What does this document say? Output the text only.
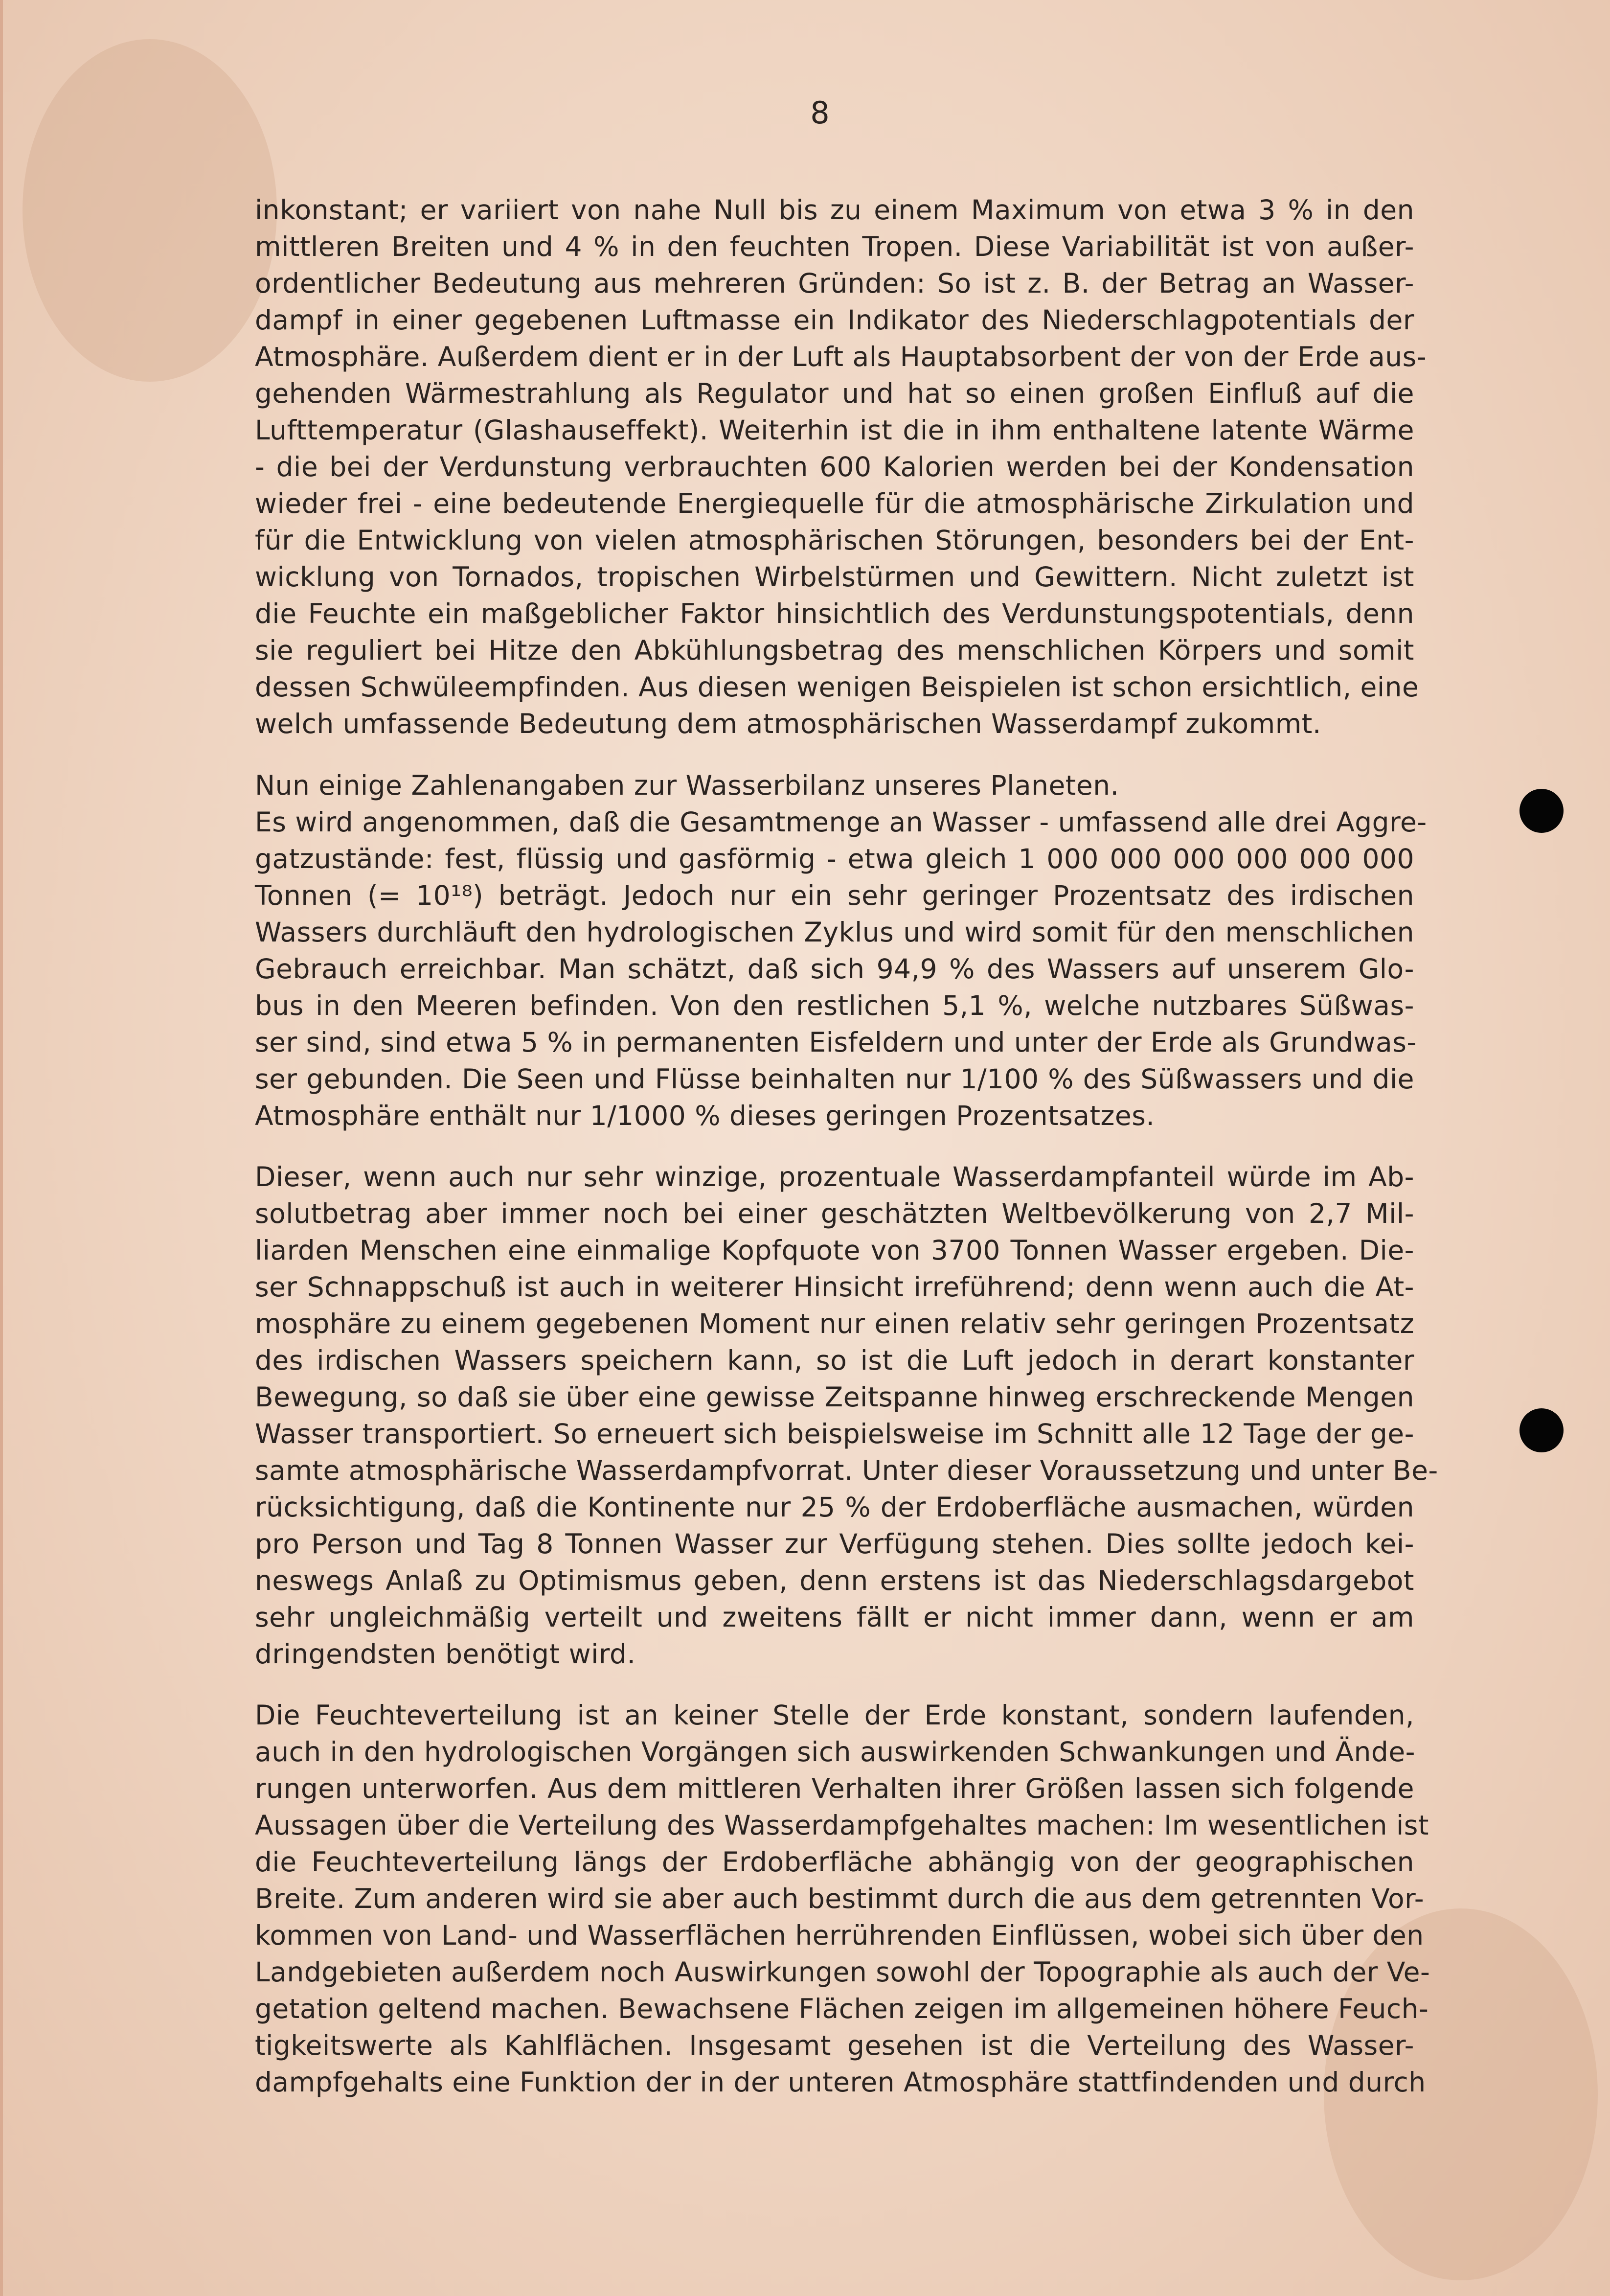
8
inkonstant; er variiert von nahe Null bis zu einem Maximum von etwa 3 % in den
mittleren Breiten und 4 % in den feuchten Tropen. Diese Variabilität ist von außer-
ordentlicher Bedeutung aus mehreren Gründen: So ist z. B. der Betrag an Wasser-
dampf in einer gegebenen Luftmasse ein Indikator des Niederschlagpotentials der
Atmosphäre. Außerdem dient er in der Luft als Hauptabsorbent der von der Erde aus-
gehenden Wärmestrahlung als Regulator und hat so einen großen Einfluß auf die
Lufttemperatur (Glashauseffekt). Weiterhin ist die in ihm enthaltene latente Wärme
- die bei der Verdunstung verbrauchten 600 Kalorien werden bei der Kondensation
wieder frei - eine bedeutende Energiequelle für die atmosphärische Zirkulation und
für die Entwicklung von vielen atmosphärischen Störungen, besonders bei der Ent-
wicklung von Tornados, tropischen Wirbelstürmen und Gewittern. Nicht zuletzt ist
die Feuchte ein maßgeblicher Faktor hinsichtlich des Verdunstungspotentials, denn
sie reguliert bei Hitze den Abkühlungsbetrag des menschlichen Körpers und somit
dessen Schwüleempfinden. Aus diesen wenigen Beispielen ist schon ersichtlich, eine
welch umfassende Bedeutung dem atmosphärischen Wasserdampf zukommt.
Nun einige Zahlenangaben zur Wasserbilanz unseres Planeten.
Es wird angenommen, daß die Gesamtmenge an Wasser - umfassend alle drei Aggre-
gatzustände: fest, flüssig und gasförmig - etwa gleich 1 000 000 000 000 000 000
Tonnen (= 10¹⁸) beträgt. Jedoch nur ein sehr geringer Prozentsatz des irdischen
Wassers durchläuft den hydrologischen Zyklus und wird somit für den menschlichen
Gebrauch erreichbar. Man schätzt, daß sich 94,9 % des Wassers auf unserem Glo-
bus in den Meeren befinden. Von den restlichen 5,1 %, welche nutzbares Süßwas-
ser sind, sind etwa 5 % in permanenten Eisfeldern und unter der Erde als Grundwas-
ser gebunden. Die Seen und Flüsse beinhalten nur 1/100 % des Süßwassers und die
Atmosphäre enthält nur 1/1000 % dieses geringen Prozentsatzes.
Dieser, wenn auch nur sehr winzige, prozentuale Wasserdampfanteil würde im Ab-
solutbetrag aber immer noch bei einer geschätzten Weltbevölkerung von 2,7 Mil-
liarden Menschen eine einmalige Kopfquote von 3700 Tonnen Wasser ergeben. Die-
ser Schnappschuß ist auch in weiterer Hinsicht irreführend; denn wenn auch die At-
mosphäre zu einem gegebenen Moment nur einen relativ sehr geringen Prozentsatz
des irdischen Wassers speichern kann, so ist die Luft jedoch in derart konstanter
Bewegung, so daß sie über eine gewisse Zeitspanne hinweg erschreckende Mengen
Wasser transportiert. So erneuert sich beispielsweise im Schnitt alle 12 Tage der ge-
samte atmosphärische Wasserdampfvorrat. Unter dieser Voraussetzung und unter Be-
rücksichtigung, daß die Kontinente nur 25 % der Erdoberfläche ausmachen, würden
pro Person und Tag 8 Tonnen Wasser zur Verfügung stehen. Dies sollte jedoch kei-
neswegs Anlaß zu Optimismus geben, denn erstens ist das Niederschlagsdargebot
sehr ungleichmäßig verteilt und zweitens fällt er nicht immer dann, wenn er am
dringendsten benötigt wird.
Die Feuchteverteilung ist an keiner Stelle der Erde konstant, sondern laufenden,
auch in den hydrologischen Vorgängen sich auswirkenden Schwankungen und Ände-
rungen unterworfen. Aus dem mittleren Verhalten ihrer Größen lassen sich folgende
Aussagen über die Verteilung des Wasserdampfgehaltes machen: Im wesentlichen ist
die Feuchteverteilung längs der Erdoberfläche abhängig von der geographischen
Breite. Zum anderen wird sie aber auch bestimmt durch die aus dem getrennten Vor-
kommen von Land- und Wasserflächen herrührenden Einflüssen, wobei sich über den
Landgebieten außerdem noch Auswirkungen sowohl der Topographie als auch der Ve-
getation geltend machen. Bewachsene Flächen zeigen im allgemeinen höhere Feuch-
tigkeitswerte als Kahlflächen. Insgesamt gesehen ist die Verteilung des Wasser-
dampfgehalts eine Funktion der in der unteren Atmosphäre stattfindenden und durch
